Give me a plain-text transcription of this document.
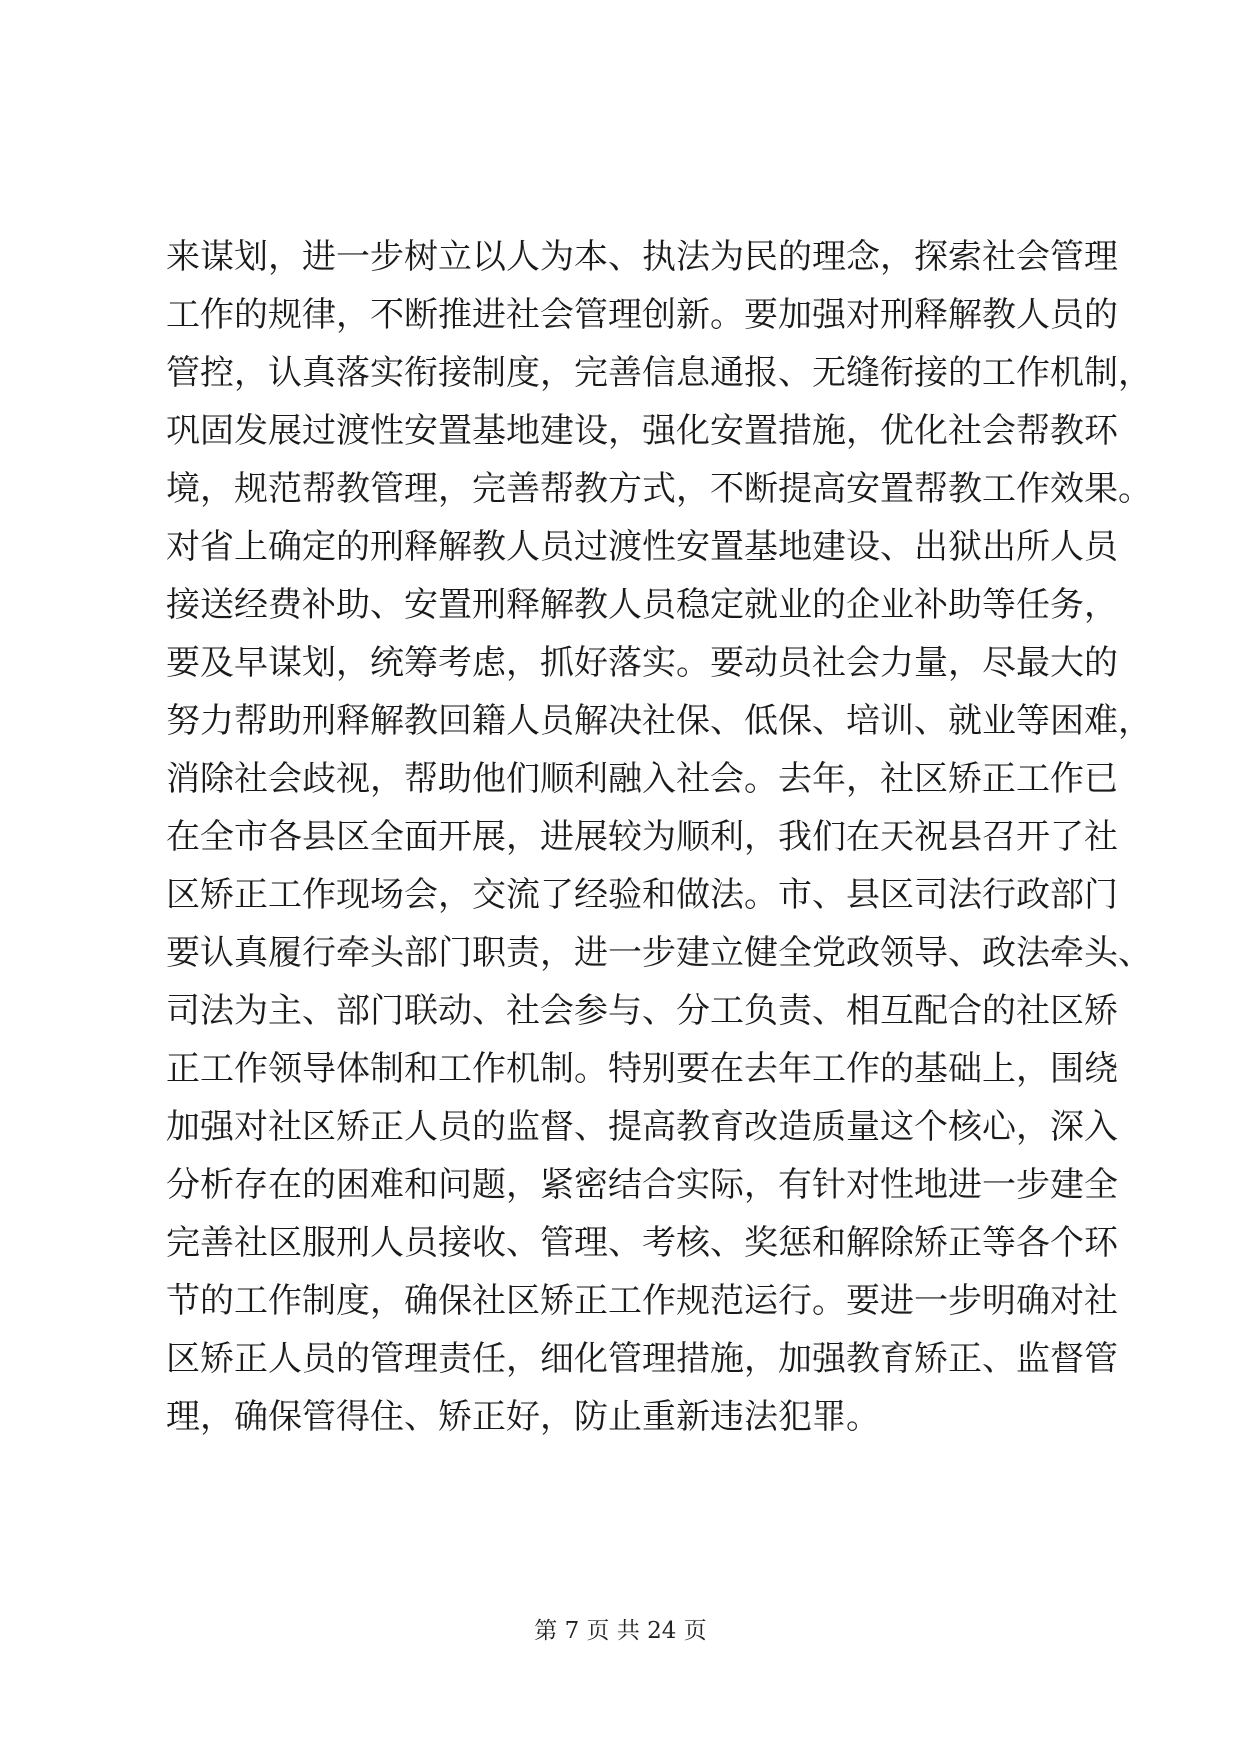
来谋划，进一步树立以人为本、执法为民的理念，探索社会管理
工作的规律，不断推进社会管理创新。要加强对刑释解教人员的
管控，认真落实衔接制度，完善信息通报、无缝衔接的工作机制，
巩固发展过渡性安置基地建设，强化安置措施，优化社会帮教环
境，规范帮教管理，完善帮教方式，不断提高安置帮教工作效果。
对省上确定的刑释解教人员过渡性安置基地建设、出狱出所人员
接送经费补助、安置刑释解教人员稳定就业的企业补助等任务，
要及早谋划，统筹考虑，抓好落实。要动员社会力量，尽最大的
努力帮助刑释解教回籍人员解决社保、低保、培训、就业等困难，
消除社会歧视，帮助他们顺利融入社会。去年，社区矫正工作已
在全市各县区全面开展，进展较为顺利，我们在天祝县召开了社
区矫正工作现场会，交流了经验和做法。市、县区司法行政部门
要认真履行牵头部门职责，进一步建立健全党政领导、政法牵头、
司法为主、部门联动、社会参与、分工负责、相互配合的社区矫
正工作领导体制和工作机制。特别要在去年工作的基础上，围绕
加强对社区矫正人员的监督、提高教育改造质量这个核心，深入
分析存在的困难和问题，紧密结合实际，有针对性地进一步建全
完善社区服刑人员接收、管理、考核、奖惩和解除矫正等各个环
节的工作制度，确保社区矫正工作规范运行。要进一步明确对社
区矫正人员的管理责任，细化管理措施，加强教育矫正、监督管
理，确保管得住、矫正好，防止重新违法犯罪。
第 7 页 共 24 页
